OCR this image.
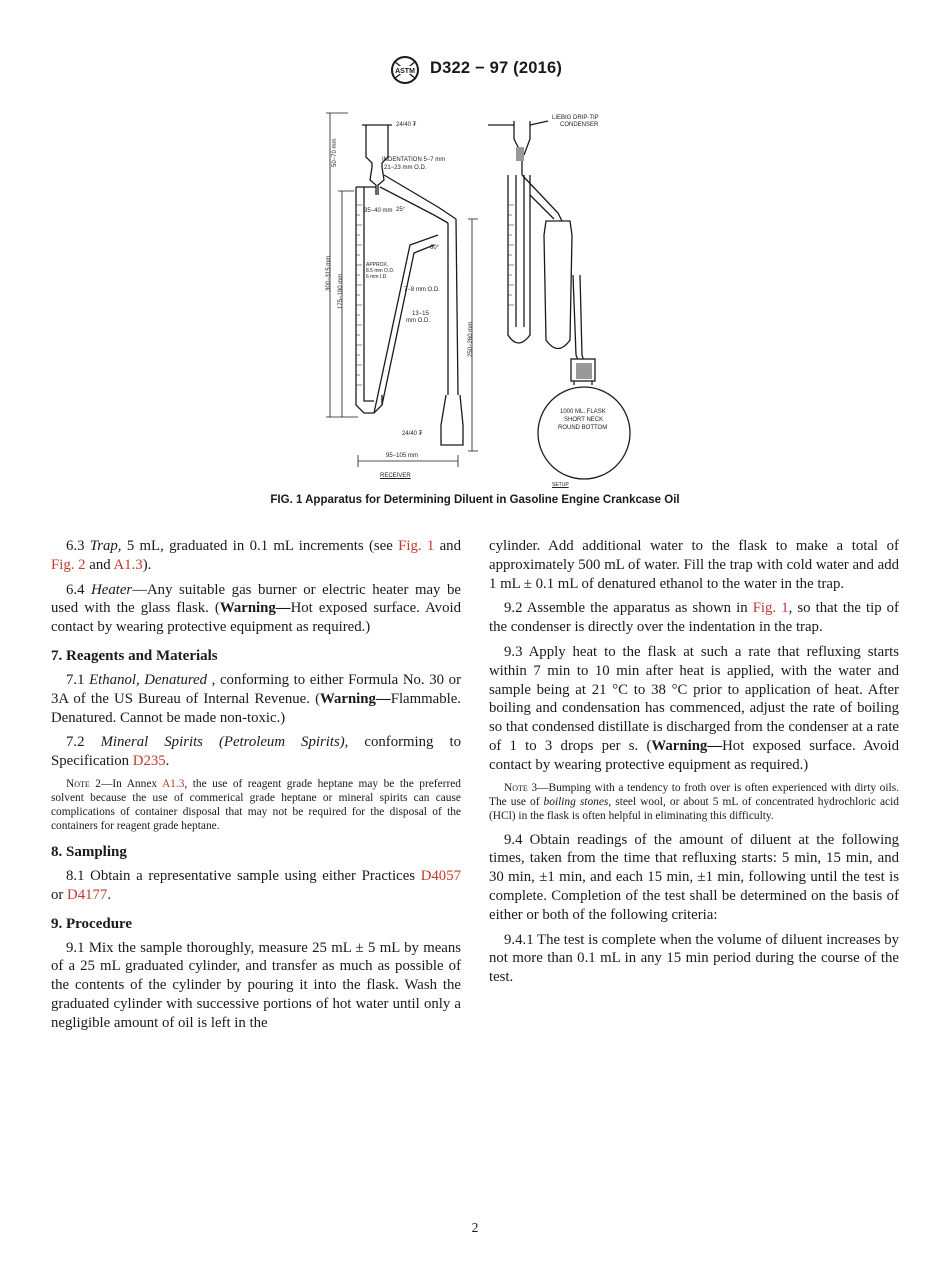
ASTM D322 − 97 (2016)
24/40 ₮
INDENTATION 5−7 mm
21−23 mm O.D.
35−40 mm 25°
60°
APPROX.
8.5 mm O.D.
6 mm I.D.
7−8 mm O.D.
13−15
mm O.D.
24/40 ₮
95−105 mm
RECEIVER
50−70 mm
300−315 mm
175−190 mm
250−260 mm
LIEBIG DRIP-TIP
CONDENSER
1000 ML. FLASK
SHORT NECK
ROUND BOTTOM
SETUP
FIG. 1 Apparatus for Determining Diluent in Gasoline Engine Crankcase Oil

6.3 Trap, 5 mL, graduated in 0.1 mL increments (see Fig. 1 and Fig. 2 and A1.3).

6.4 Heater—Any suitable gas burner or electric heater may be used with the glass flask. (Warning—Hot exposed surface. Avoid contact by wearing protective equipment as required.)

7. Reagents and Materials

7.1 Ethanol, Denatured , conforming to either Formula No. 30 or 3A of the US Bureau of Internal Revenue. (Warning—Flammable. Denatured. Cannot be made non-toxic.)

7.2 Mineral Spirits (Petroleum Spirits), conforming to Specification D235.

Note 2—In Annex A1.3, the use of reagent grade heptane may be the preferred solvent because the use of commerical grade heptane or mineral spirits can cause complications of container disposal that may not be required for the disposal of the containers for reagent grade heptane.

8. Sampling

8.1 Obtain a representative sample using either Practices D4057 or D4177.

9. Procedure

9.1 Mix the sample thoroughly, measure 25 mL ± 5 mL by means of a 25 mL graduated cylinder, and transfer as much as possible of the contents of the cylinder by pouring it into the flask. Wash the graduated cylinder with successive portions of hot water until only a negligible amount of oil is left in the

cylinder. Add additional water to the flask to make a total of approximately 500 mL of water. Fill the trap with cold water and add 1 mL ± 0.1 mL of denatured ethanol to the water in the trap.

9.2 Assemble the apparatus as shown in Fig. 1, so that the tip of the condenser is directly over the indentation in the trap.

9.3 Apply heat to the flask at such a rate that refluxing starts within 7 min to 10 min after heat is applied, with the water and sample being at 21 °C to 38 °C prior to application of heat. After boiling and condensation has commenced, adjust the rate of boiling so that condensed distillate is discharged from the condenser at a rate of 1 to 3 drops per s. (Warning—Hot exposed surface. Avoid contact by wearing protective equipment as required.)

Note 3—Bumping with a tendency to froth over is often experienced with dirty oils. The use of boiling stones, steel wool, or about 5 mL of concentrated hydrochloric acid (HCl) in the flask is often helpful in eliminating this difficulty.

9.4 Obtain readings of the amount of diluent at the following times, taken from the time that refluxing starts: 5 min, 15 min, and 30 min, ±1 min, and each 15 min, ±1 min, following until the test is complete. Completion of the test shall be determined on the basis of either or both of the following criteria:

9.4.1 The test is complete when the volume of diluent increases by not more than 0.1 mL in any 15 min period during the course of the test.

2
